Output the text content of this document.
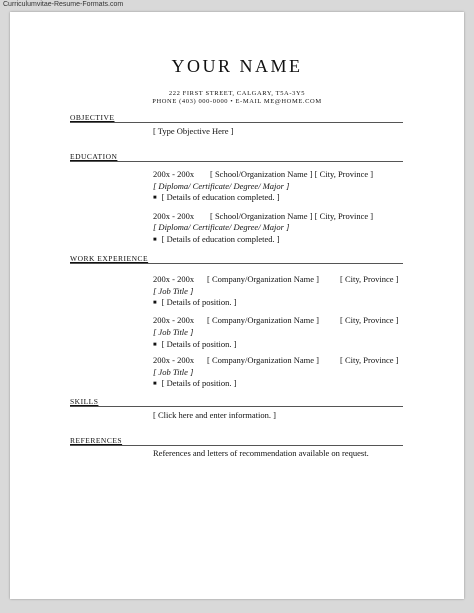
Curriculumvitae-Resume-Formats.com
YOUR NAME
222 FIRST STREET, CALGARY, T5A-3Y5
PHONE (403) 000-0000 • E-MAIL ME@HOME.COM
OBJECTIVE
[ Type Objective Here ]
EDUCATION
200x - 200x [ School/Organization Name ] [ City, Province ]
[ Diploma/ Certificate/ Degree/ Major ]
■ [ Details of education completed. ]
200x - 200x [ School/Organization Name ] [ City, Province ]
[ Diploma/ Certificate/ Degree/ Major ]
■ [ Details of education completed. ]
WORK EXPERIENCE
200x - 200x [ Company/Organization Name ] [ City, Province ]
[ Job Title ]
■ [ Details of position. ]
200x - 200x [ Company/Organization Name ] [ City, Province ]
[ Job Title ]
■ [ Details of position. ]
200x - 200x [ Company/Organization Name ] [ City, Province ]
[ Job Title ]
■ [ Details of position. ]
SKILLS
[ Click here and enter information. ]
REFERENCES
References and letters of recommendation available on request.
